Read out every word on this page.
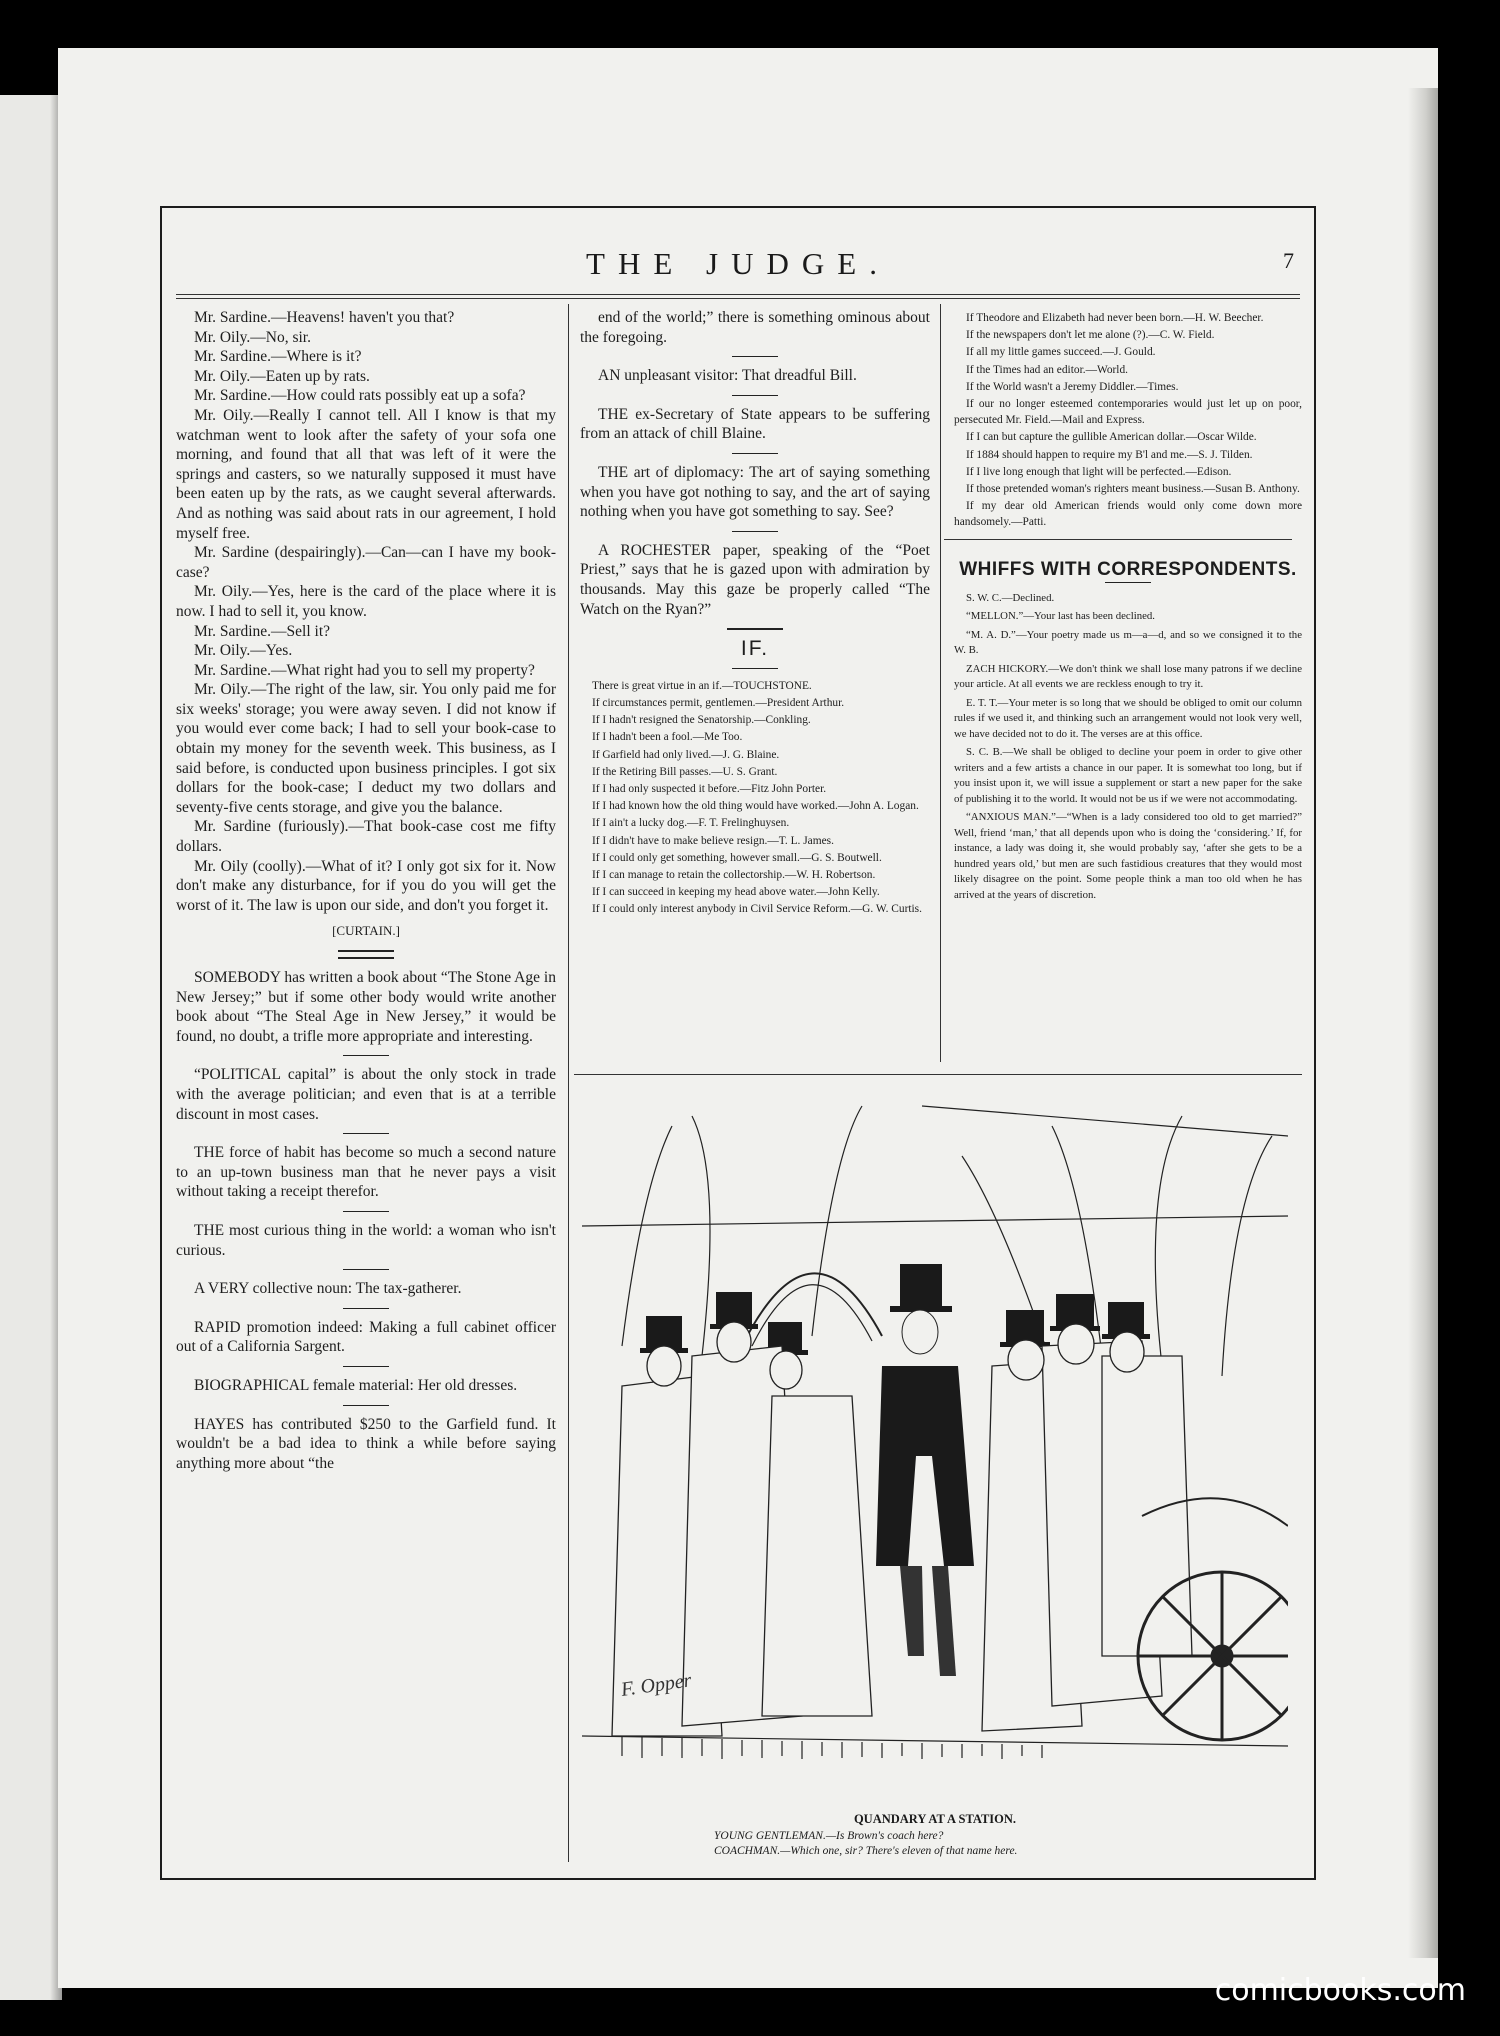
THE JUDGE.	7

Mr. Sardine.—Heavens! haven't you that?

Mr. Oily.—No, sir.

Mr. Sardine.—Where is it?

Mr. Oily.—Eaten up by rats.

Mr. Sardine.—How could rats possibly eat up a sofa?

Mr. Oily.—Really I cannot tell. All I know is that my watchman went to look after the safety of your sofa one morning, and found that all that was left of it were the springs and casters, so we naturally supposed it must have been eaten up by the rats, as we caught several afterwards. And as nothing was said about rats in our agreement, I hold myself free.

Mr. Sardine (despairingly).—Can—can I have my book-case?

Mr. Oily.—Yes, here is the card of the place where it is now. I had to sell it, you know.

Mr. Sardine.—Sell it?

Mr. Oily.—Yes.

Mr. Sardine.—What right had you to sell my property?

Mr. Oily.—The right of the law, sir. You only paid me for six weeks' storage; you were away seven. I did not know if you would ever come back; I had to sell your book-case to obtain my money for the seventh week. This business, as I said before, is conducted upon business principles. I got six dollars for the book-case; I deduct my two dollars and seventy-five cents storage, and give you the balance.

Mr. Sardine (furiously).—That book-case cost me fifty dollars.

Mr. Oily (coolly).—What of it? I only got six for it. Now don't make any disturbance, for if you do you will get the worst of it. The law is upon our side, and don't you forget it.

[CURTAIN.]

SOMEBODY has written a book about “The Stone Age in New Jersey;” but if some other body would write another book about “The Steal Age in New Jersey,” it would be found, no doubt, a trifle more appropriate and interesting.

“POLITICAL capital” is about the only stock in trade with the average politician; and even that is at a terrible discount in most cases.

THE force of habit has become so much a second nature to an up-town business man that he never pays a visit without taking a receipt therefor.

THE most curious thing in the world: a woman who isn't curious.

A VERY collective noun: The tax-gatherer.

RAPID promotion indeed: Making a full cabinet officer out of a California Sargent.

BIOGRAPHICAL female material: Her old dresses.

HAYES has contributed $250 to the Garfield fund. It wouldn't be a bad idea to think a while before saying anything more about “the

end of the world;” there is something ominous about the foregoing.

AN unpleasant visitor: That dreadful Bill.

THE ex-Secretary of State appears to be suffering from an attack of chill Blaine.

THE art of diplomacy: The art of saying something when you have got nothing to say, and the art of saying nothing when you have got something to say. See?

A ROCHESTER paper, speaking of the “Poet Priest,” says that he is gazed upon with admiration by thousands. May this gaze be properly called “The Watch on the Ryan?”

IF.

There is great virtue in an if.—TOUCHSTONE.

If circumstances permit, gentlemen.—President Arthur.

If I hadn't resigned the Senatorship.—Conkling.

If I hadn't been a fool.—Me Too.

If Garfield had only lived.—J. G. Blaine.

If the Retiring Bill passes.—U. S. Grant.

If I had only suspected it before.—Fitz John Porter.

If I had known how the old thing would have worked.—John A. Logan.

If I ain't a lucky dog.—F. T. Frelinghuysen.

If I didn't have to make believe resign.—T. L. James.

If I could only get something, however small.—G. S. Boutwell.

If I can manage to retain the collectorship.—W. H. Robertson.

If I can succeed in keeping my head above water.—John Kelly.

If I could only interest anybody in Civil Service Reform.—G. W. Curtis.

If Theodore and Elizabeth had never been born.—H. W. Beecher.

If the newspapers don't let me alone (?).—C. W. Field.

If all my little games succeed.—J. Gould.

If the Times had an editor.—World.

If the World wasn't a Jeremy Diddler.—Times.

If our no longer esteemed contemporaries would just let up on poor, persecuted Mr. Field.—Mail and Express.

If I can but capture the gullible American dollar.—Oscar Wilde.

If 1884 should happen to require my B'l and me.—S. J. Tilden.

If I live long enough that light will be perfected.—Edison.

If those pretended woman's righters meant business.—Susan B. Anthony.

If my dear old American friends would only come down more handsomely.—Patti.

WHIFFS WITH CORRESPONDENTS.

S. W. C.—Declined.

“MELLON.”—Your last has been declined.

“M. A. D.”—Your poetry made us m—a—d, and so we consigned it to the W. B.

ZACH HICKORY.—We don't think we shall lose many patrons if we decline your article. At all events we are reckless enough to try it.

E. T. T.—Your meter is so long that we should be obliged to omit our column rules if we used it, and thinking such an arrangement would not look very well, we have decided not to do it. The verses are at this office.

S. C. B.—We shall be obliged to decline your poem in order to give other writers and a few artists a chance in our paper. It is somewhat too long, but if you insist upon it, we will issue a supplement or start a new paper for the sake of publishing it to the world. It would not be us if we were not accommodating.

“ANXIOUS MAN.”—“When is a lady considered too old to get married?” Well, friend ‘man,’ that all depends upon who is doing the ‘considering.’ If, for instance, a lady was doing it, she would probably say, ‘after she gets to be a hundred years old,’ but men are such fastidious creatures that they would most likely disagree on the point. Some people think a man too old when he has arrived at the years of discretion.

F. Opper
QUANDARY AT A STATION.
YOUNG GENTLEMAN.—Is Brown's coach here?
COACHMAN.—Which one, sir? There's eleven of that name here.
comicbooks.com
